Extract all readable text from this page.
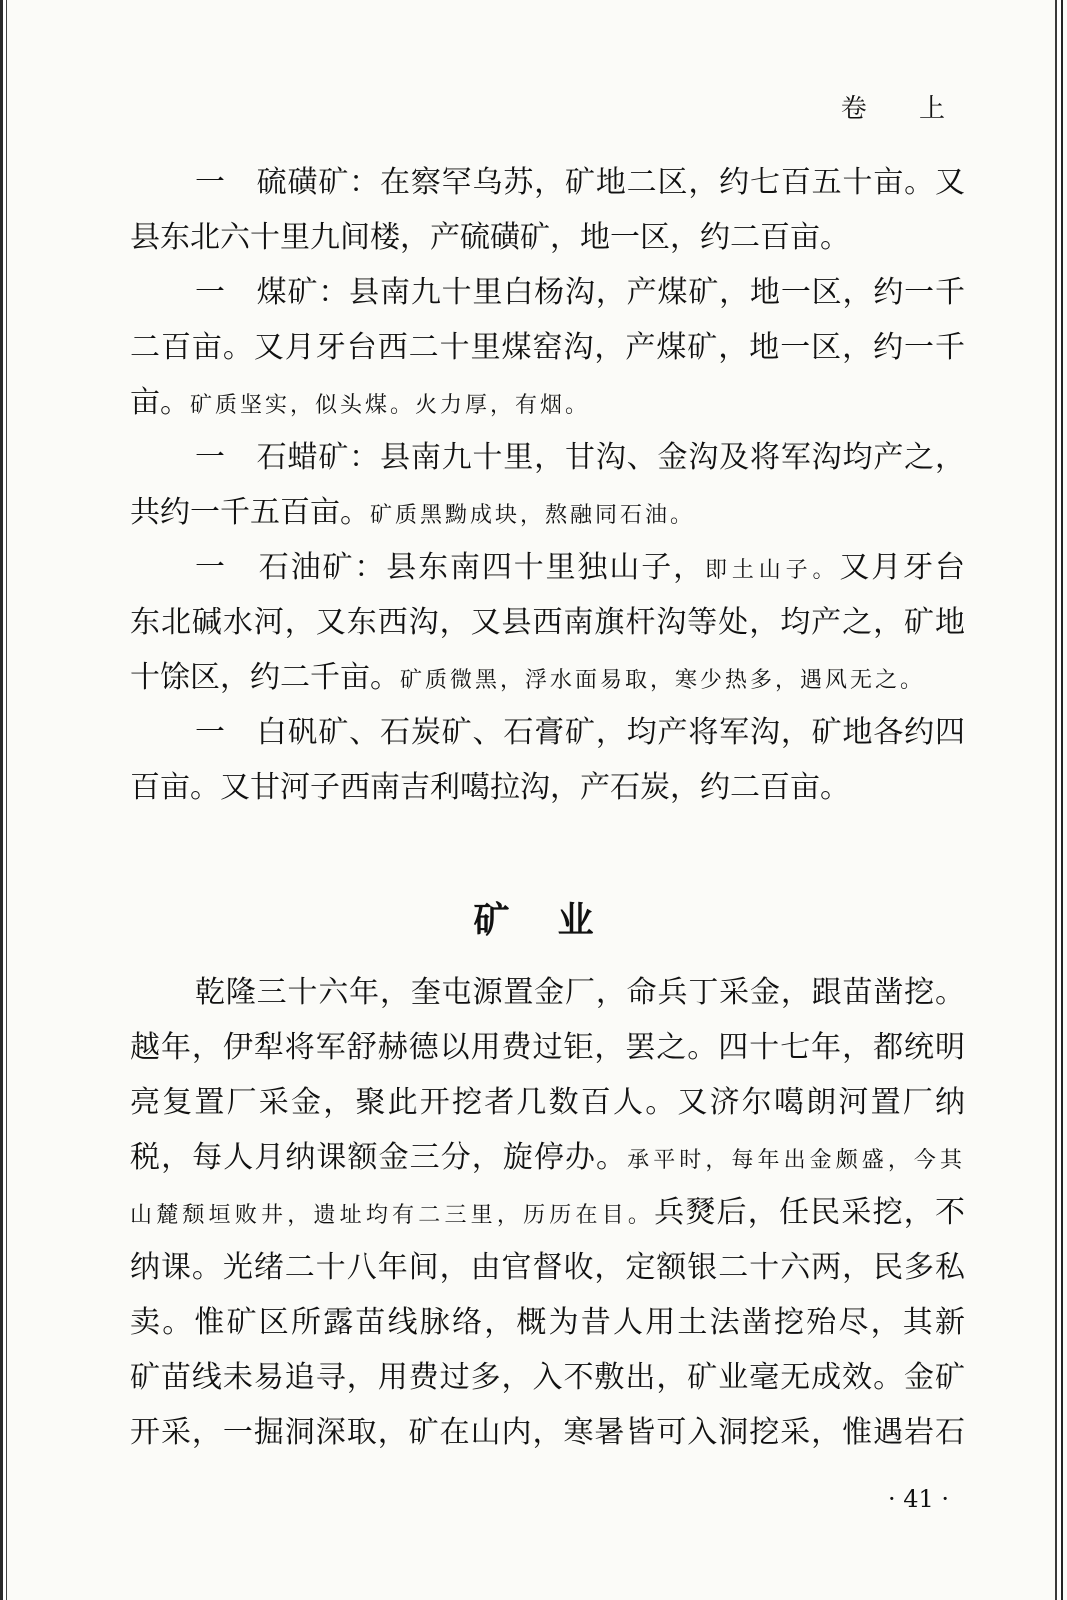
卷 上
一　硫磺矿：在察罕乌苏，矿地二区，约七百五十亩。又
县东北六十里九间楼，产硫磺矿，地一区，约二百亩。
一　煤矿：县南九十里白杨沟，产煤矿，地一区，约一千
二百亩。又月牙台西二十里煤窑沟，产煤矿，地一区，约一千
亩。矿质坚实，似头煤。火力厚，有烟。
一　石蜡矿：县南九十里，甘沟、金沟及将军沟均产之，
共约一千五百亩。矿质黑黝成块，熬融同石油。
一　石油矿：县东南四十里独山子，即土山子。又月牙台
东北碱水河，又东西沟，又县西南旗杆沟等处，均产之，矿地
十馀区，约二千亩。矿质微黑，浮水面易取，寒少热多，遇风无之。
一　白矾矿、石炭矿、石膏矿，均产将军沟，矿地各约四
百亩。又甘河子西南吉利噶拉沟，产石炭，约二百亩。
矿业
乾隆三十六年，奎屯源置金厂，命兵丁采金，跟苗凿挖。
越年，伊犁将军舒赫德以用费过钜，罢之。四十七年，都统明
亮复置厂采金，聚此开挖者几数百人。又济尔噶朗河置厂纳
税，每人月纳课额金三分，旋停办。承平时，每年出金颇盛，今其
山麓颓垣败井，遗址均有二三里，历历在目。兵燹后，任民采挖，不
纳课。光绪二十八年间，由官督收，定额银二十六两，民多私
卖。惟矿区所露苗线脉络，概为昔人用土法凿挖殆尽，其新
矿苗线未易追寻，用费过多，入不敷出，矿业毫无成效。金矿
开采，一掘洞深取，矿在山内，寒暑皆可入洞挖采，惟遇岩石
· 41 ·
